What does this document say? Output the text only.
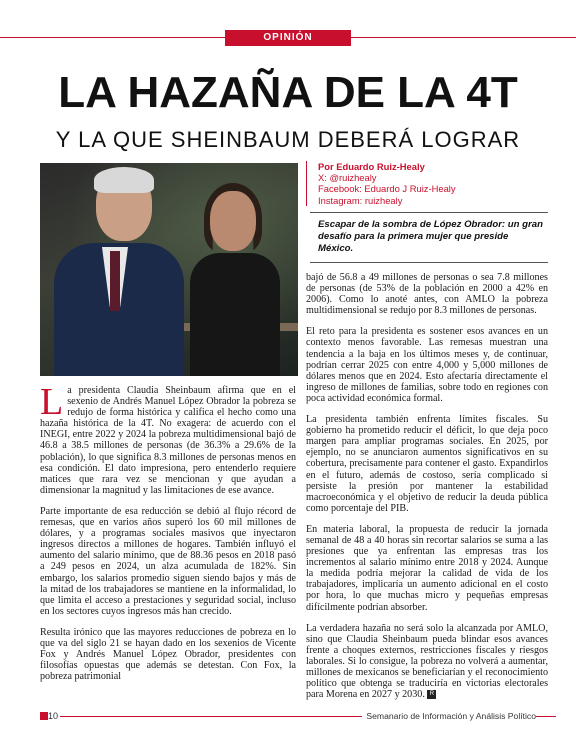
OPINIÓN
LA HAZAÑA DE LA 4T
Y LA QUE SHEINBAUM DEBERÁ LOGRAR
Por Eduardo Ruiz-Healy
X: @ruizhealy
Facebook: Eduardo J Ruiz-Healy
Instagram: ruizhealy
Escapar de la sombra de López Obrador: un gran desafío para la primera mujer que preside México.

La presidenta Claudia Sheinbaum afirma que en el sexenio de Andrés Manuel López Obrador la pobreza se redujo de forma histórica y califica el hecho como una hazaña histórica de la 4T. No exagera: de acuerdo con el INEGI, entre 2022 y 2024 la pobreza multidimensional bajó de 46.8 a 38.5 millones de personas (de 36.3% a 29.6% de la población), lo que significa 8.3 millones de personas menos en esa condición. El dato impresiona, pero entenderlo requiere matices que rara vez se mencionan y que ayudan a dimensionar la magnitud y las limitaciones de ese avance.

Parte importante de esa reducción se debió al flujo récord de remesas, que en varios años superó los 60 mil millones de dólares, y a programas sociales masivos que inyectaron ingresos directos a millones de hogares. También influyó el aumento del salario mínimo, que de 88.36 pesos en 2018 pasó a 249 pesos en 2024, un alza acumulada de 182%. Sin embargo, los salarios promedio siguen siendo bajos y más de la mitad de los trabajadores se mantiene en la informalidad, lo que limita el acceso a prestaciones y seguridad social, incluso en los sectores cuyos ingresos más han crecido.

Resulta irónico que las mayores reducciones de pobreza en lo que va del siglo 21 se hayan dado en los sexenios de Vicente Fox y Andrés Manuel López Obrador, presidentes con filosofías opuestas que además se detestan. Con Fox, la pobreza patrimonial

bajó de 56.8 a 49 millones de personas o sea 7.8 millones de personas (de 53% de la población en 2000 a 42% en 2006). Como lo anoté antes, con AMLO la pobreza multidimensional se redujo por 8.3 millones de personas.

El reto para la presidenta es sostener esos avances en un contexto menos favorable. Las remesas muestran una tendencia a la baja en los últimos meses y, de continuar, podrían cerrar 2025 con entre 4,000 y 5,000 millones de dólares menos que en 2024. Esto afectaría directamente el ingreso de millones de familias, sobre todo en regiones con poca actividad económica formal.

La presidenta también enfrenta límites fiscales. Su gobierno ha prometido reducir el déficit, lo que deja poco margen para ampliar programas sociales. En 2025, por ejemplo, no se anunciaron aumentos significativos en su cobertura, precisamente para contener el gasto. Expandirlos en el futuro, además de costoso, sería complicado si persiste la presión por mantener la estabilidad macroeconómica y el objetivo de reducir la deuda pública como porcentaje del PIB.

En materia laboral, la propuesta de reducir la jornada semanal de 48 a 40 horas sin recortar salarios se suma a las presiones que ya enfrentan las empresas tras los incrementos al salario mínimo entre 2018 y 2024. Aunque la medida podría mejorar la calidad de vida de los trabajadores, implicaría un aumento adicional en el costo por hora, lo que muchas micro y pequeñas empresas difícilmente podrían absorber.

La verdadera hazaña no será solo la alcanzada por AMLO, sino que Claudia Sheinbaum pueda blindar esos avances frente a choques externos, restricciones fiscales y riesgos laborales. Si lo consigue, la pobreza no volverá a aumentar, millones de mexicanos se beneficiarían y el reconocimiento político que obtenga se traduciría en victorias electorales para Morena en 2027 y 2030. R

10	Semanario de Información y Análisis Político
